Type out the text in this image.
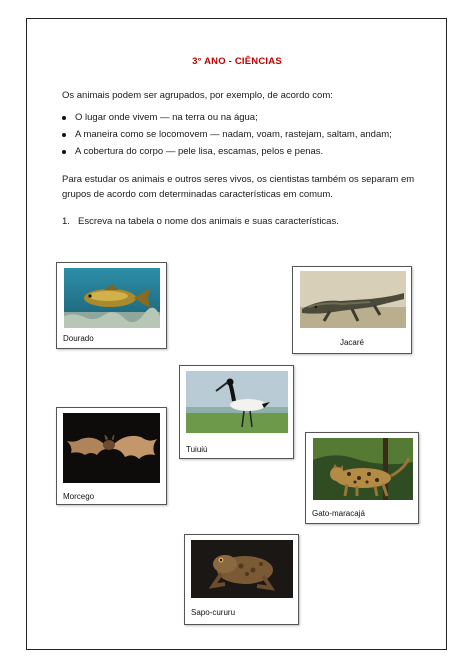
3° ANO - CIÊNCIAS
Os animais podem ser agrupados, por exemplo, de acordo com:
O lugar onde vivem — na terra ou na água;
A maneira como se locomovem — nadam, voam, rastejam, saltam, andam;
A cobertura do corpo — pele lisa, escamas, pelos e penas.
Para estudar os animais e outros seres vivos, os cientistas também os separam em grupos de acordo com determinadas características em comum.
1. Escreva na tabela o nome dos animais e suas características.
Dourado	Jacaré
Tuiuiú
Morcego
Gato-maracajá
Sapo-cururu
